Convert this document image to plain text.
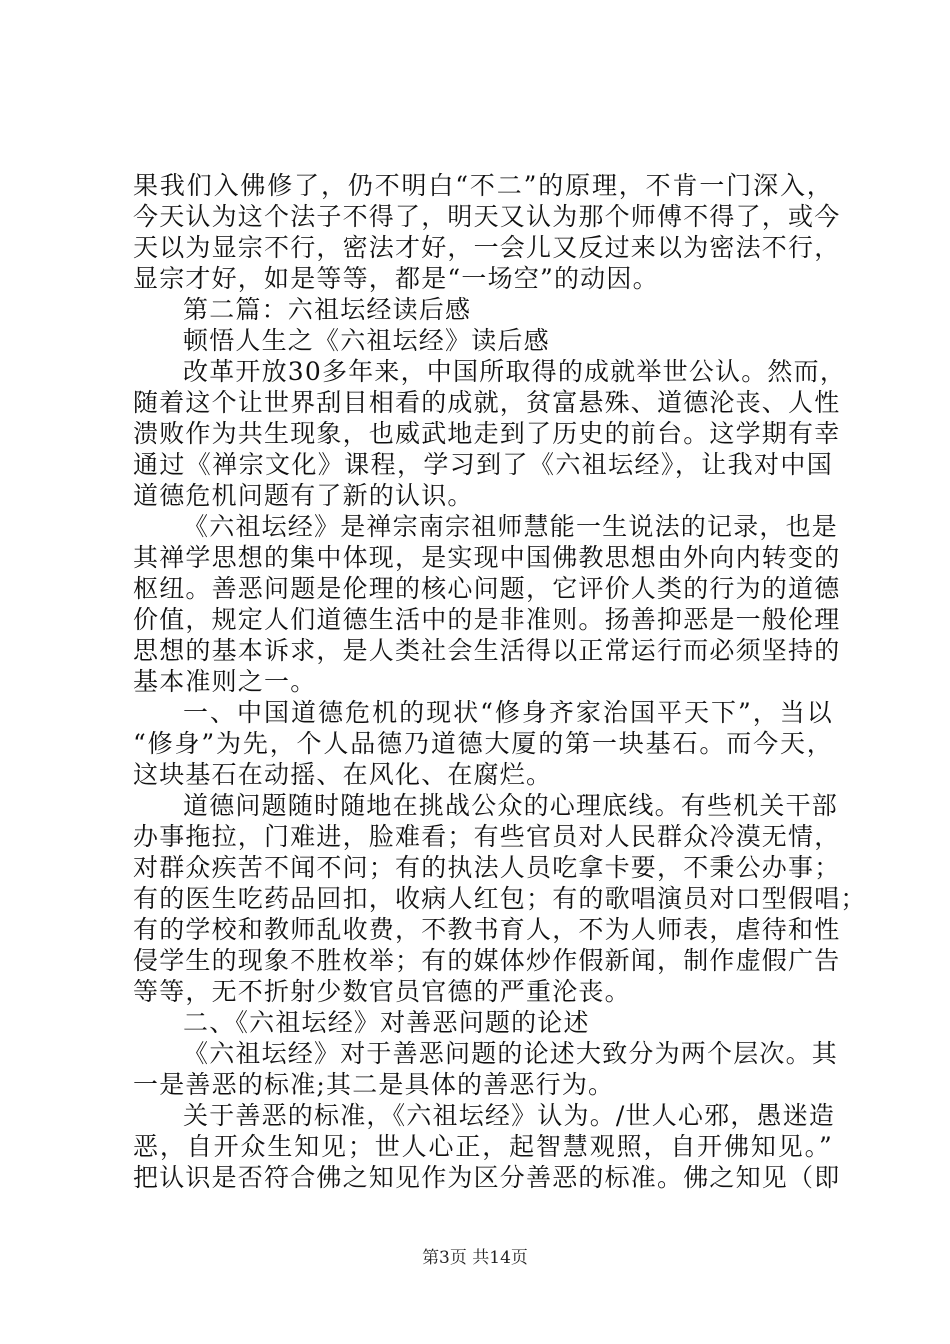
果我们入佛修了，仍不明白“不二”的原理，不肯一门深入，
今天认为这个法子不得了，明天又认为那个师傅不得了，或今
天以为显宗不行，密法才好，一会儿又反过来以为密法不行，
显宗才好，如是等等，都是“一场空”的动因。
第二篇：六祖坛经读后感
顿悟人生之《六祖坛经》读后感
改革开放30多年来，中国所取得的成就举世公认。然而，
随着这个让世界刮目相看的成就，贫富悬殊、道德沦丧、人性
溃败作为共生现象，也威武地走到了历史的前台。这学期有幸
通过《禅宗文化》课程，学习到了《六祖坛经》，让我对中国
道德危机问题有了新的认识。
《六祖坛经》是禅宗南宗祖师慧能一生说法的记录，也是
其禅学思想的集中体现，是实现中国佛教思想由外向内转变的
枢纽。善恶问题是伦理的核心问题，它评价人类的行为的道德
价值，规定人们道德生活中的是非准则。扬善抑恶是一般伦理
思想的基本诉求，是人类社会生活得以正常运行而必须坚持的
基本准则之一。
一、中国道德危机的现状“修身齐家治国平天下”，当以
“修身”为先，个人品德乃道德大厦的第一块基石。而今天，
这块基石在动摇、在风化、在腐烂。
道德问题随时随地在挑战公众的心理底线。有些机关干部
办事拖拉，门难进，脸难看；有些官员对人民群众冷漠无情，
对群众疾苦不闻不问；有的执法人员吃拿卡要，不秉公办事；
有的医生吃药品回扣，收病人红包；有的歌唱演员对口型假唱；
有的学校和教师乱收费，不教书育人，不为人师表，虐待和性
侵学生的现象不胜枚举；有的媒体炒作假新闻，制作虚假广告
等等，无不折射少数官员官德的严重沦丧。
二、《六祖坛经》对善恶问题的论述
《六祖坛经》对于善恶问题的论述大致分为两个层次。其
一是善恶的标准;其二是具体的善恶行为。
关于善恶的标准，《六祖坛经》认为。/世人心邪，愚迷造
恶，自开众生知见；世人心正，起智慧观照，自开佛知见。”
把认识是否符合佛之知见作为区分善恶的标准。佛之知见（即
第3页 共14页
